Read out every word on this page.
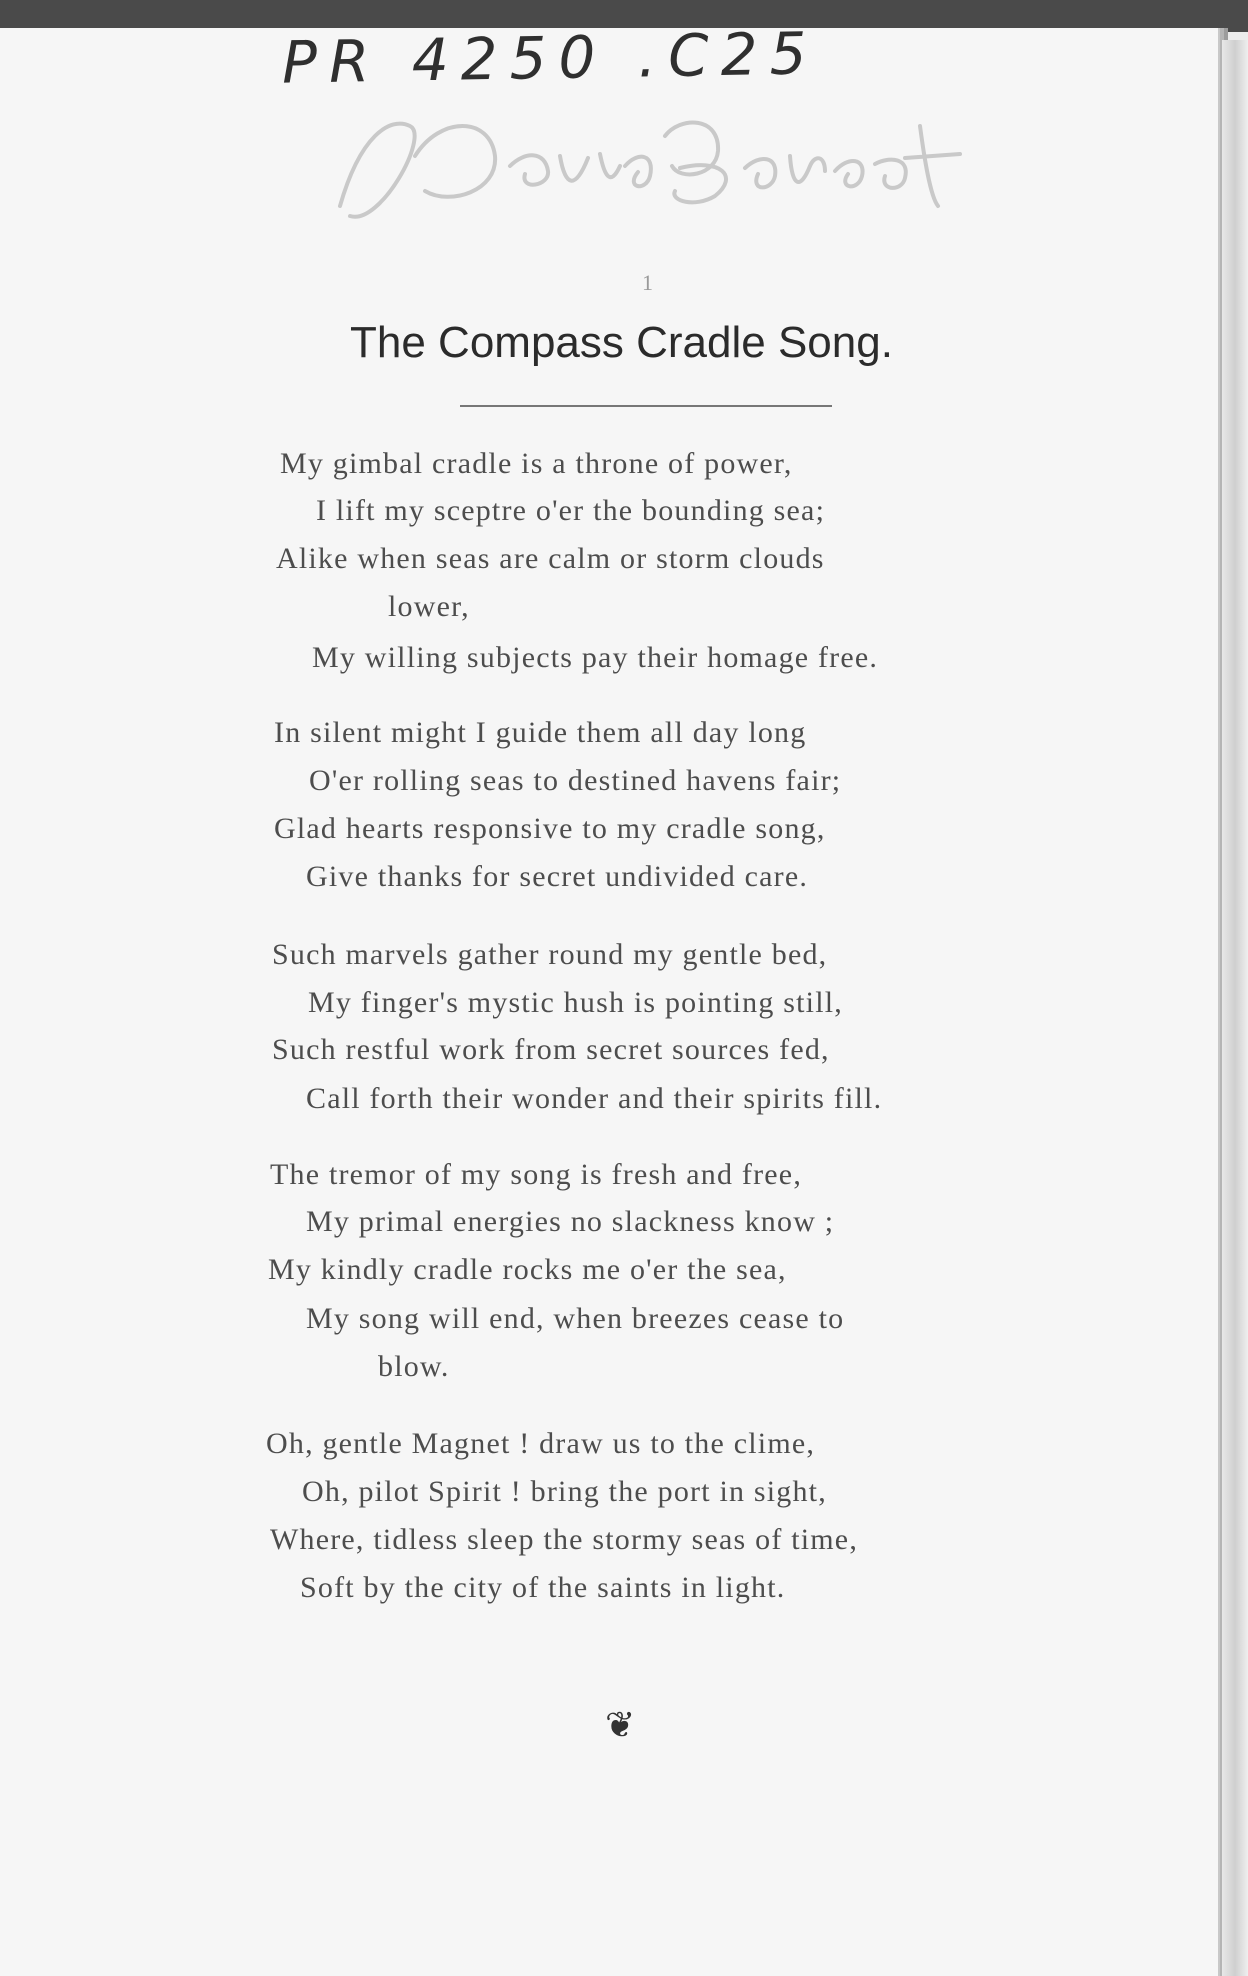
PR 4250 .C25
1
The Compass Cradle Song.
My gimbal cradle is a throne of power,
I lift my sceptre o'er the bounding sea;
Alike when seas are calm or storm clouds
lower,
My willing subjects pay their homage free.
In silent might I guide them all day long
O'er rolling seas to destined havens fair;
Glad hearts responsive to my cradle song,
Give thanks for secret undivided care.
Such marvels gather round my gentle bed,
My finger's mystic hush is pointing still,
Such restful work from secret sources fed,
Call forth their wonder and their spirits fill.
The tremor of my song is fresh and free,
My primal energies no slackness know ;
My kindly cradle rocks me o'er the sea,
My song will end, when breezes cease to
blow.
Oh, gentle Magnet ! draw us to the clime,
Oh, pilot Spirit ! bring the port in sight,
Where, tidless sleep the stormy seas of time,
Soft by the city of the saints in light.
❦
